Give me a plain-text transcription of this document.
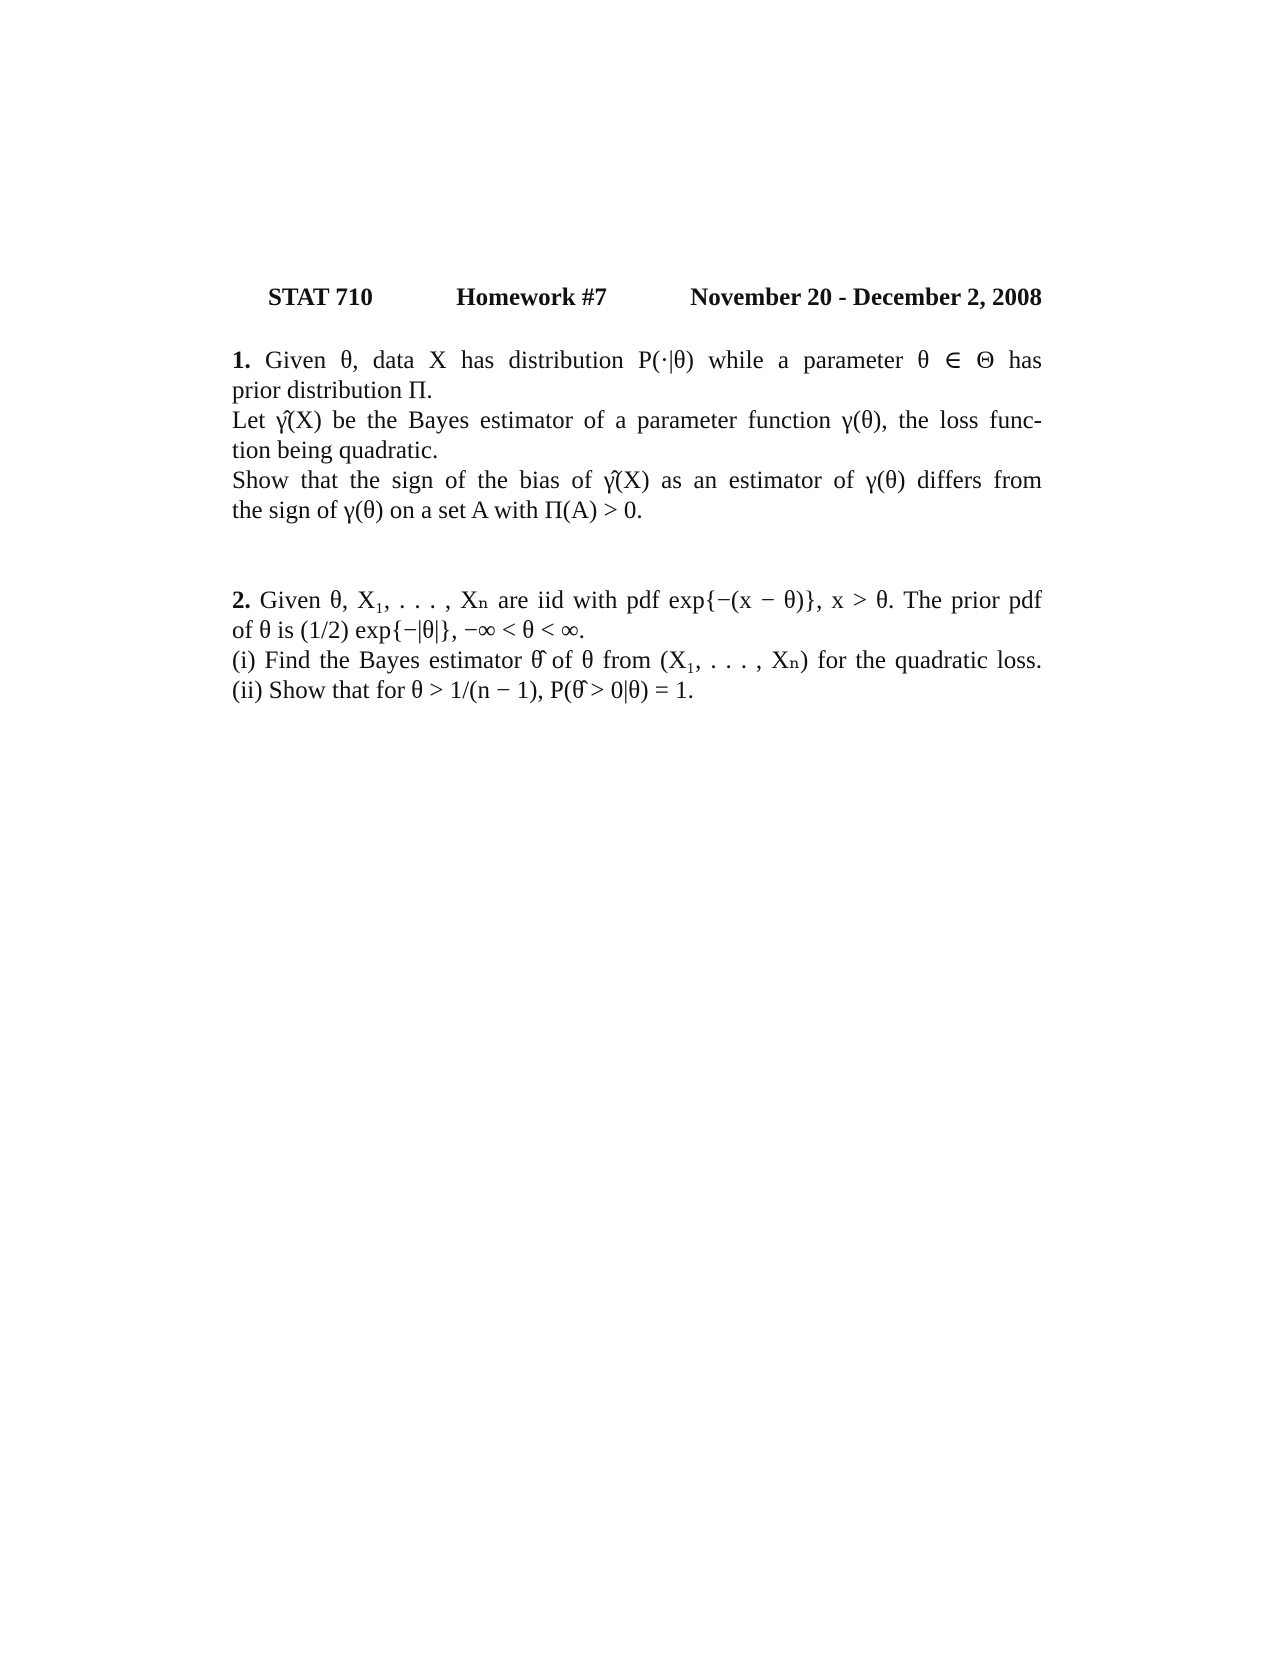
STAT 710	Homework #7	November 20 - December 2, 2008
1. Given θ, data X has distribution P(·|θ) while a parameter θ ∈ Θ has
prior distribution Π.
Let γ̂(X) be the Bayes estimator of a parameter function γ(θ), the loss func-
tion being quadratic.
Show that the sign of the bias of γ̂(X) as an estimator of γ(θ) differs from
the sign of γ(θ) on a set A with Π(A) > 0.
2. Given θ, X₁, . . . , Xₙ are iid with pdf exp{−(x − θ)}, x > θ. The prior pdf
of θ is (1/2) exp{−|θ|}, −∞ < θ < ∞.
(i) Find the Bayes estimator θ̂ of θ from (X₁, . . . , Xₙ) for the quadratic loss.
(ii) Show that for θ > 1/(n − 1), P(θ̂ > 0|θ) = 1.
